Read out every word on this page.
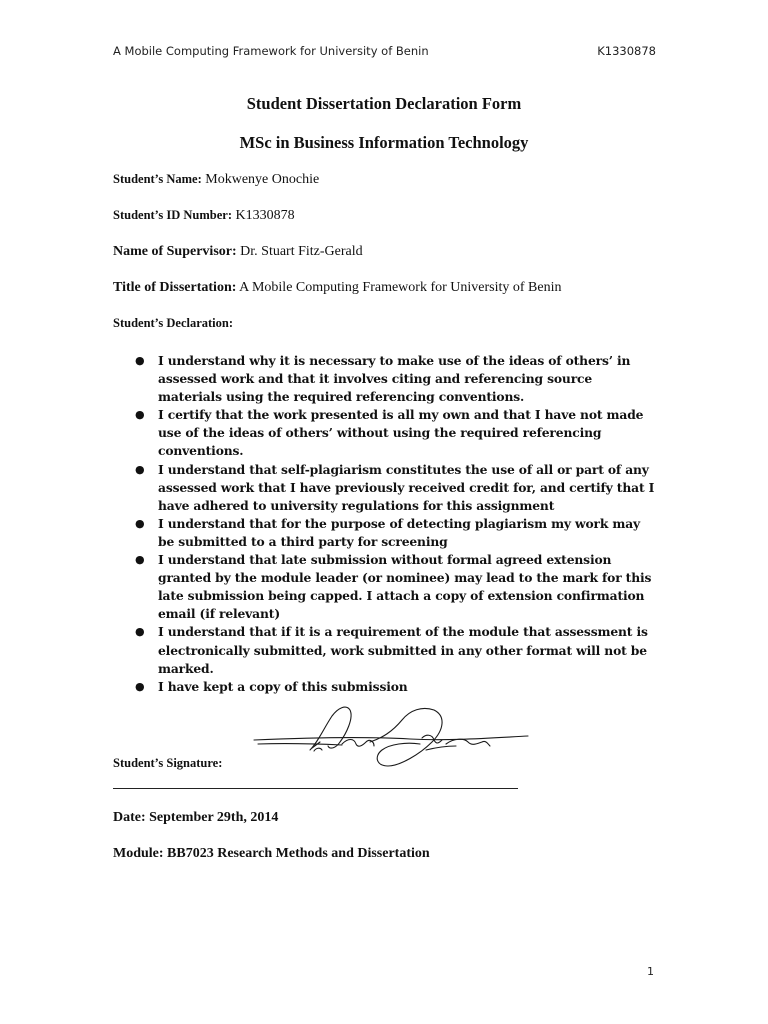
A Mobile Computing Framework for University of Benin	K1330878
Student Dissertation Declaration Form
MSc in Business Information Technology
Student’s Name: Mokwenye Onochie
Student’s ID Number: K1330878
Name of Supervisor: Dr. Stuart Fitz-Gerald
Title of Dissertation: A Mobile Computing Framework for University of Benin
Student’s Declaration:
● I understand why it is necessary to make use of the ideas of others’ in assessed work and that it involves citing and referencing source materials using the required referencing conventions.
● I certify that the work presented is all my own and that I have not made use of the ideas of others’ without using the required referencing conventions.
● I understand that self-plagiarism constitutes the use of all or part of any assessed work that I have previously received credit for, and certify that I have adhered to university regulations for this assignment
● I understand that for the purpose of detecting plagiarism my work may be submitted to a third party for screening
● I understand that late submission without formal agreed extension granted by the module leader (or nominee) may lead to the mark for this late submission being capped. I attach a copy of extension confirmation email (if relevant)
● I understand that if it is a requirement of the module that assessment is electronically submitted, work submitted in any other format will not be marked.
● I have kept a copy of this submission
Student’s Signature:
Date: September 29th, 2014
Module: BB7023 Research Methods and Dissertation
1
